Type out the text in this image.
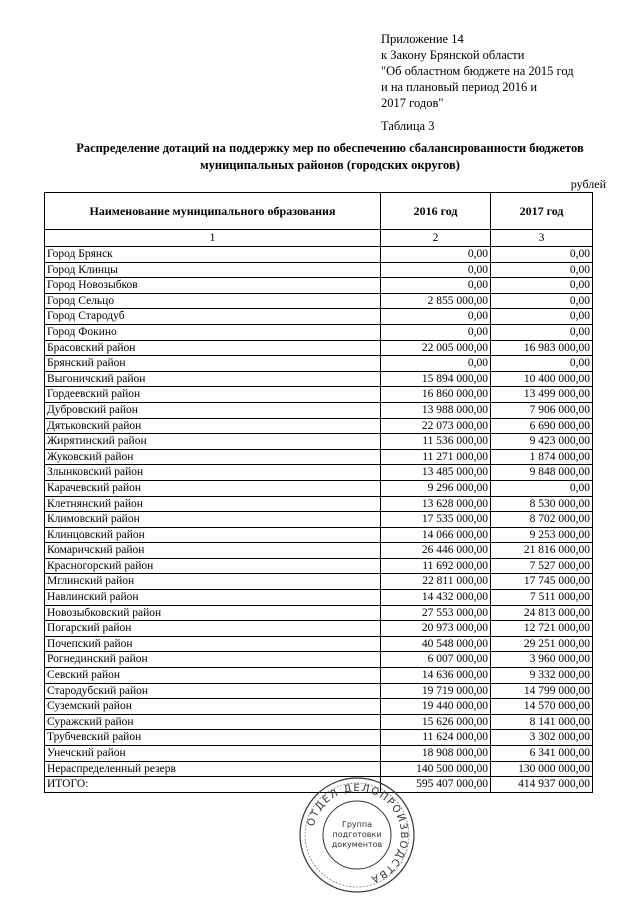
Приложение 14
к Закону Брянской области
"Об областном бюджете на 2015 год
и на плановый период 2016 и
2017 годов"
Таблица 3
Распределение дотаций на поддержку мер по обеспечению сбалансированности бюджетов
муниципальных районов (городских округов)
рублей
Наименование муниципального образования	2016 год	2017 год
1	2	3
Город Брянск	0,00	0,00
Город Клинцы	0,00	0,00
Город Новозыбков	0,00	0,00
Город Сельцо	2 855 000,00	0,00
Город Стародуб	0,00	0,00
Город Фокино	0,00	0,00
Брасовский район	22 005 000,00	16 983 000,00
Брянский район	0,00	0,00
Выгоничский район	15 894 000,00	10 400 000,00
Гордеевский район	16 860 000,00	13 499 000,00
Дубровский район	13 988 000,00	7 906 000,00
Дятьковский район	22 073 000,00	6 690 000,00
Жирятинский район	11 536 000,00	9 423 000,00
Жуковский район	11 271 000,00	1 874 000,00
Злынковский район	13 485 000,00	9 848 000,00
Карачевский район	9 296 000,00	0,00
Клетнянский район	13 628 000,00	8 530 000,00
Климовский район	17 535 000,00	8 702 000,00
Клинцовский район	14 066 000,00	9 253 000,00
Комаричский район	26 446 000,00	21 816 000,00
Красногорский район	11 692 000,00	7 527 000,00
Мглинский район	22 811 000,00	17 745 000,00
Навлинский район	14 432 000,00	7 511 000,00
Новозыбковский район	27 553 000,00	24 813 000,00
Погарский район	20 973 000,00	12 721 000,00
Почепский район	40 548 000,00	29 251 000,00
Рогнединский район	6 007 000,00	3 960 000,00
Севский район	14 636 000,00	9 332 000,00
Стародубский район	19 719 000,00	14 799 000,00
Суземский район	19 440 000,00	14 570 000,00
Суражский район	15 626 000,00	8 141 000,00
Трубчевский район	11 624 000,00	3 302 000,00
Унечский район	18 908 000,00	6 341 000,00
Нераспределенный резерв	140 500 000,00	130 000 000,00
ИТОГО:	595 407 000,00	414 937 000,00
ОТДЕЛ ДЕЛОПРОИЗВОДСТВА
Группа
подготовки
документов
